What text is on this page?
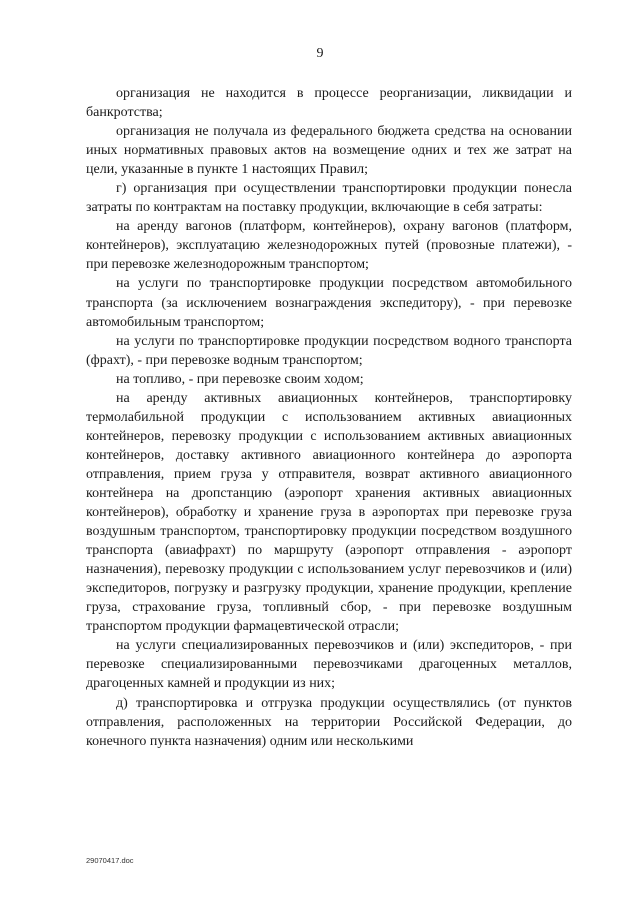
9

организация не находится в процессе реорганизации, ликвидации и банкротства;

организация не получала из федерального бюджета средства на основании иных нормативных правовых актов на возмещение одних и тех же затрат на цели, указанные в пункте 1 настоящих Правил;

г) организация при осуществлении транспортировки продукции понесла затраты по контрактам на поставку продукции, включающие в себя затраты:

на аренду вагонов (платформ, контейнеров), охрану вагонов (платформ, контейнеров), эксплуатацию железнодорожных путей (провозные платежи), - при перевозке железнодорожным транспортом;

на услуги по транспортировке продукции посредством автомобильного транспорта (за исключением вознаграждения экспедитору), - при перевозке автомобильным транспортом;

на услуги по транспортировке продукции посредством водного транспорта (фрахт), - при перевозке водным транспортом;

на топливо, - при перевозке своим ходом;

на аренду активных авиационных контейнеров, транспортировку термолабильной продукции с использованием активных авиационных контейнеров, перевозку продукции с использованием активных авиационных контейнеров, доставку активного авиационного контейнера до аэропорта отправления, прием груза у отправителя, возврат активного авиационного контейнера на дропстанцию (аэропорт хранения активных авиационных контейнеров), обработку и хранение груза в аэропортах при перевозке груза воздушным транспортом, транспортировку продукции посредством воздушного транспорта (авиафрахт) по маршруту (аэропорт отправления - аэропорт назначения), перевозку продукции с использованием услуг перевозчиков и (или) экспедиторов, погрузку и разгрузку продукции, хранение продукции, крепление груза, страхование груза, топливный сбор, - при перевозке воздушным транспортом продукции фармацевтической отрасли;

на услуги специализированных перевозчиков и (или) экспедиторов, - при перевозке специализированными перевозчиками драгоценных металлов, драгоценных камней и продукции из них;

д) транспортировка и отгрузка продукции осуществлялись (от пунктов отправления, расположенных на территории Российской Федерации, до конечного пункта назначения) одним или несколькими

29070417.doc
